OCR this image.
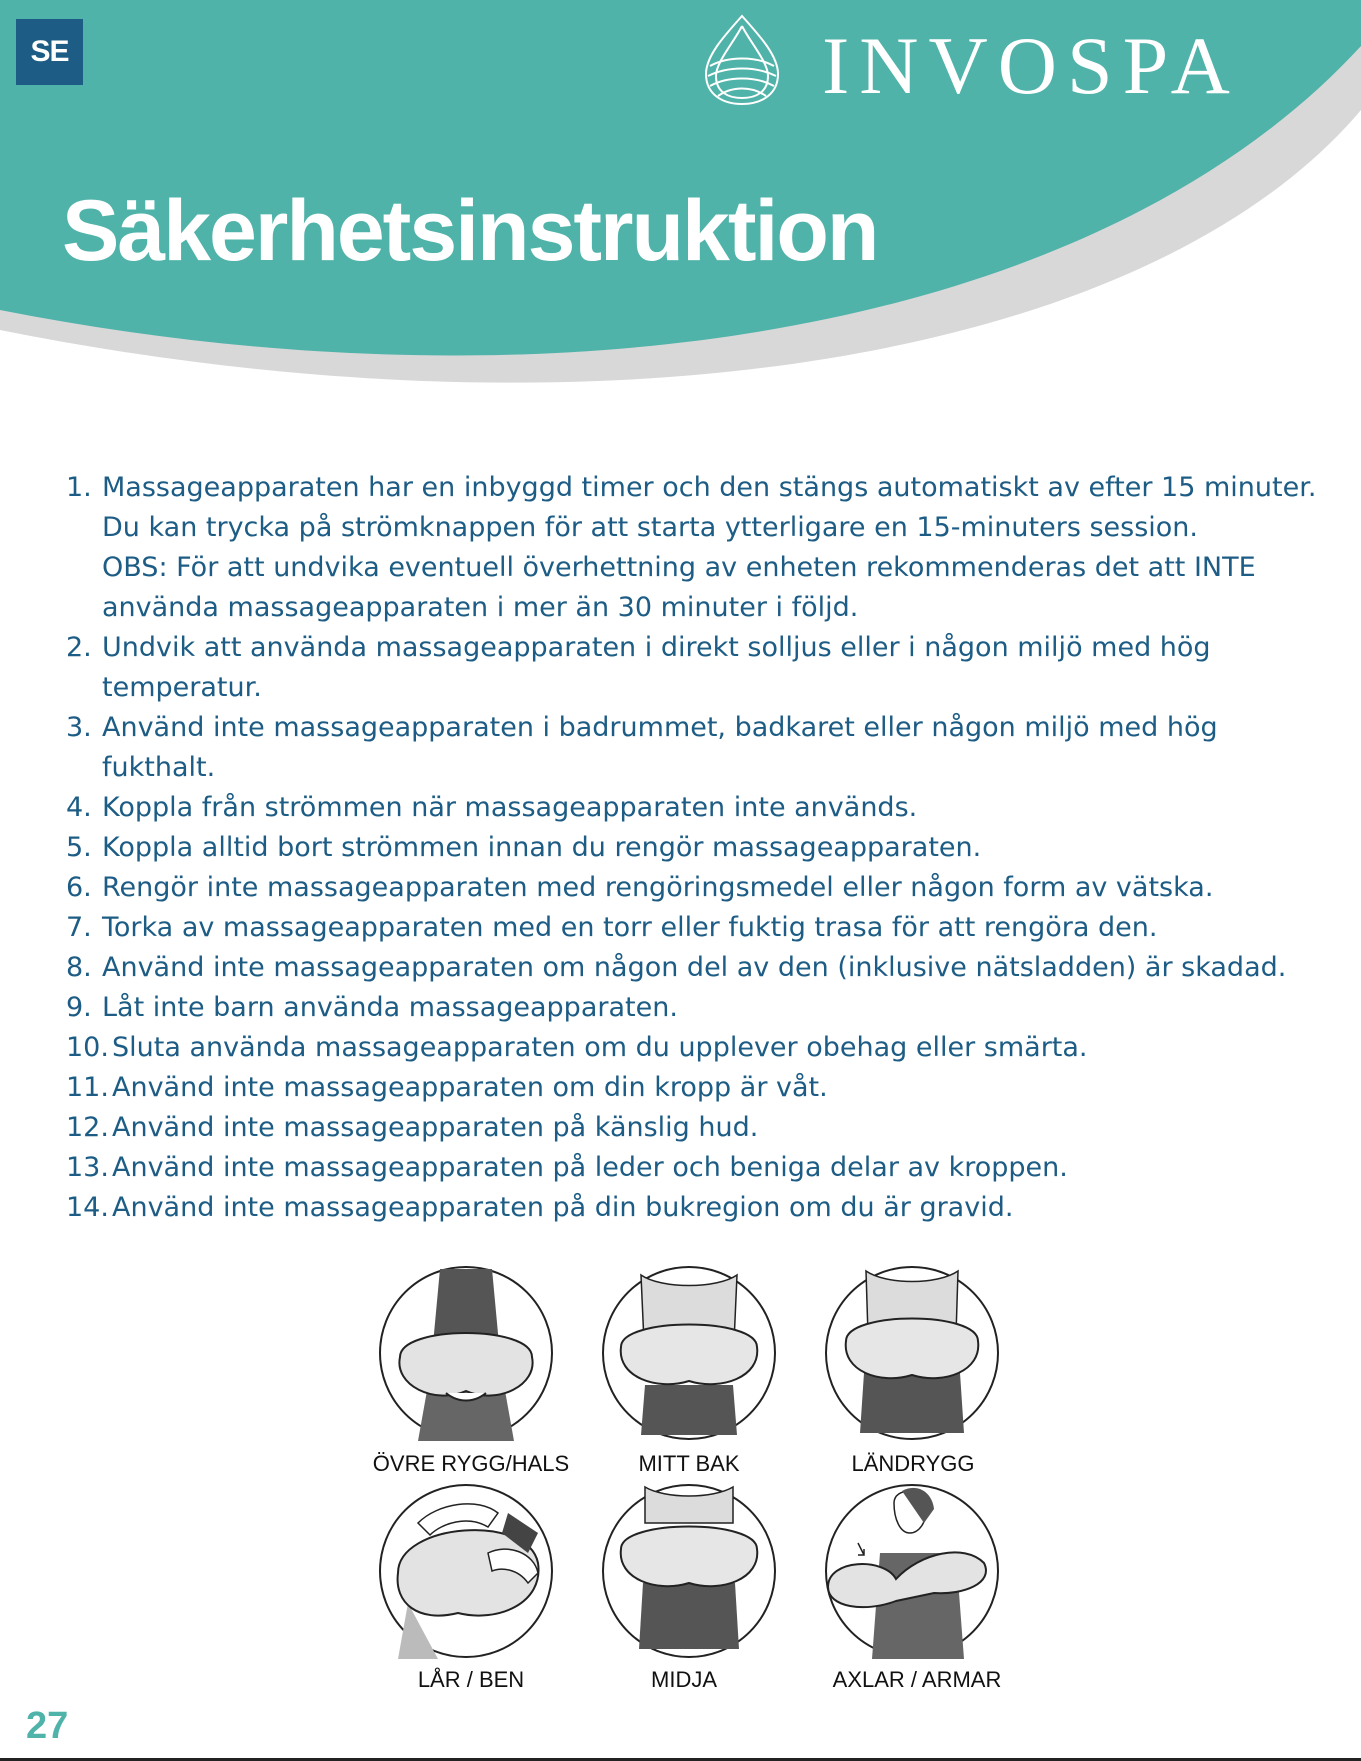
SE	INVOSPA
Säkerhetsinstruktion
1. Massageapparaten har en inbyggd timer och den stängs automatiskt av efter 15 minuter.
Du kan trycka på strömknappen för att starta ytterligare en 15-minuters session.
OBS: För att undvika eventuell överhettning av enheten rekommenderas det att INTE
använda massageapparaten i mer än 30 minuter i följd.
2. Undvik att använda massageapparaten i direkt solljus eller i någon miljö med hög
temperatur.
3. Använd inte massageapparaten i badrummet, badkaret eller någon miljö med hög fukthalt.
4. Koppla från strömmen när massageapparaten inte används.
5. Koppla alltid bort strömmen innan du rengör massageapparaten.
6. Rengör inte massageapparaten med rengöringsmedel eller någon form av vätska.
7. Torka av massageapparaten med en torr eller fuktig trasa för att rengöra den.
8. Använd inte massageapparaten om någon del av den (inklusive nätsladden) är skadad.
9. Låt inte barn använda massageapparaten.
10. Sluta använda massageapparaten om du upplever obehag eller smärta.
11. Använd inte massageapparaten om din kropp är våt.
12. Använd inte massageapparaten på känslig hud.
13. Använd inte massageapparaten på leder och beniga delar av kroppen.
14. Använd inte massageapparaten på din bukregion om du är gravid.
ÖVRE RYGG/HALS	MITT BAK	LÄNDRYGG
LÅR / BEN	MIDJA	AXLAR / ARMAR
27
